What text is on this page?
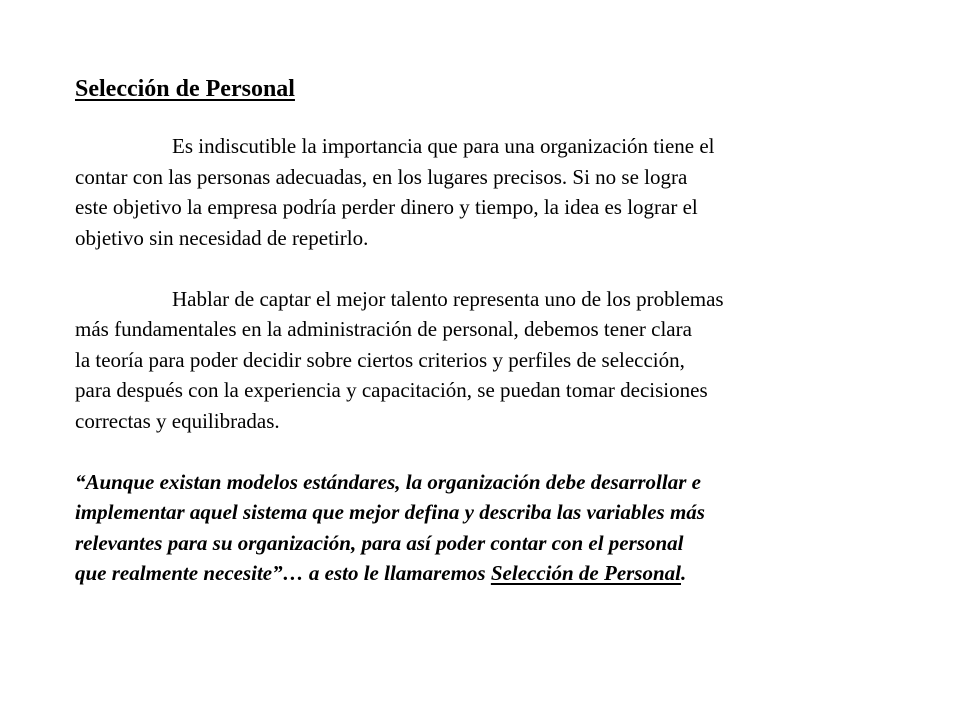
Selección de Personal
Es indiscutible la importancia que para una organización tiene el
contar con las personas adecuadas, en los lugares precisos. Si no se logra
este objetivo la empresa podría perder dinero y tiempo, la idea es lograr el
objetivo sin necesidad de repetirlo.
Hablar de captar el mejor talento representa uno de los problemas
más fundamentales en la administración de personal, debemos tener clara
la teoría para poder decidir sobre ciertos criterios y perfiles de selección,
para después con la experiencia y capacitación, se puedan tomar decisiones
correctas y equilibradas.
“Aunque existan modelos estándares, la organización debe desarrollar e
implementar aquel sistema que mejor defina y describa las variables más
relevantes para su organización, para así poder contar con el personal
que realmente necesite”… a esto le llamaremos Selección de Personal.
